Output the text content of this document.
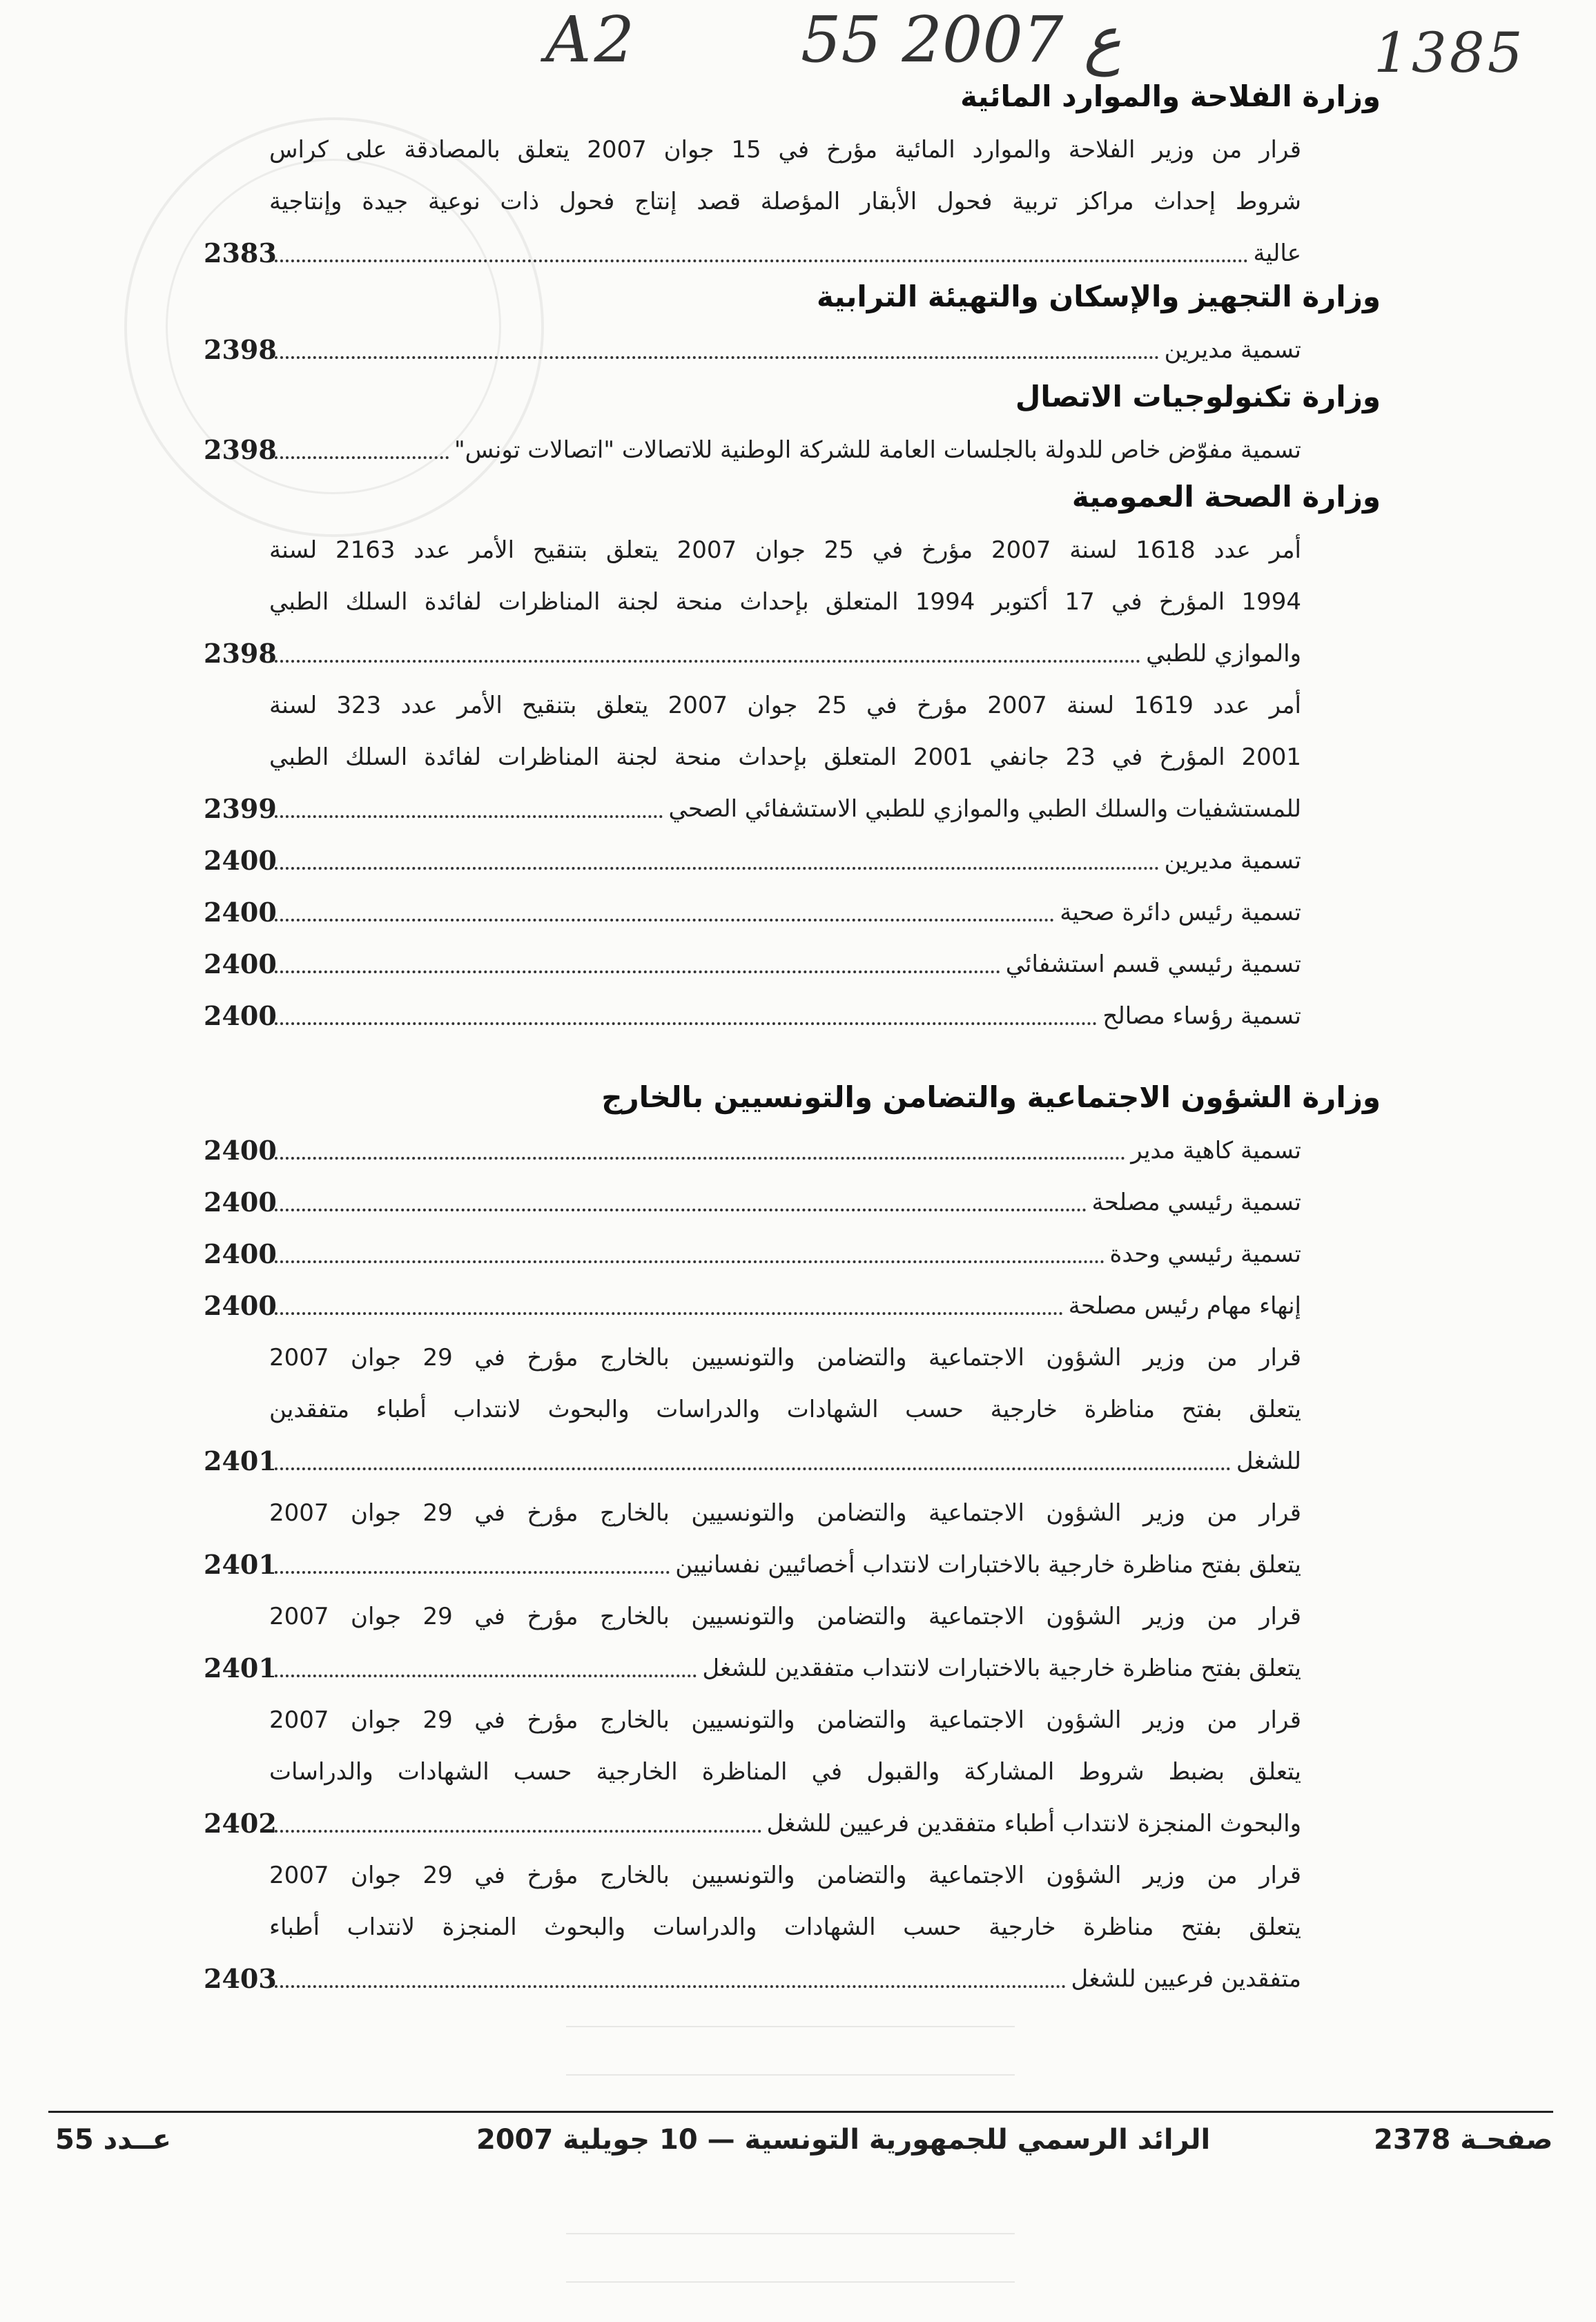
A2	55 ع 2007	1385
وزارة الفلاحة والموارد المائية
قرار من وزير الفلاحة والموارد المائية مؤرخ في 15 جوان 2007 يتعلق بالمصادقة على كراس
شروط إحداث مراكز تربية فحول الأبقار المؤصلة قصد إنتاج فحول ذات نوعية جيدة وإنتاجية
عالية
2383
وزارة التجهيز والإسكان والتهيئة الترابية
تسمية مديرين
2398
وزارة تكنولوجيات الاتصال
تسمية مفوّض خاص للدولة بالجلسات العامة للشركة الوطنية للاتصالات "اتصالات تونس"
2398
وزارة الصحة العمومية
أمر عدد 1618 لسنة 2007 مؤرخ في 25 جوان 2007 يتعلق بتنقيح الأمر عدد 2163 لسنة
1994 المؤرخ في 17 أكتوبر 1994 المتعلق بإحداث منحة لجنة المناظرات لفائدة السلك الطبي
والموازي للطبي
2398
أمر عدد 1619 لسنة 2007 مؤرخ في 25 جوان 2007 يتعلق بتنقيح الأمر عدد 323 لسنة
2001 المؤرخ في 23 جانفي 2001 المتعلق بإحداث منحة لجنة المناظرات لفائدة السلك الطبي
للمستشفيات والسلك الطبي والموازي للطبي الاستشفائي الصحي
2399
تسمية مديرين
2400
تسمية رئيس دائرة صحية
2400
تسمية رئيسي قسم استشفائي
2400
تسمية رؤساء مصالح
2400
وزارة الشؤون الاجتماعية والتضامن والتونسيين بالخارج
تسمية كاهية مدير
2400
تسمية رئيسي مصلحة
2400
تسمية رئيسي وحدة
2400
إنهاء مهام رئيس مصلحة
2400
قرار من وزير الشؤون الاجتماعية والتضامن والتونسيين بالخارج مؤرخ في 29 جوان 2007
يتعلق بفتح مناظرة خارجية حسب الشهادات والدراسات والبحوث لانتداب أطباء متفقدين
للشغل
2401
قرار من وزير الشؤون الاجتماعية والتضامن والتونسيين بالخارج مؤرخ في 29 جوان 2007
يتعلق بفتح مناظرة خارجية بالاختبارات لانتداب أخصائيين نفسانيين
2401
قرار من وزير الشؤون الاجتماعية والتضامن والتونسيين بالخارج مؤرخ في 29 جوان 2007
يتعلق بفتح مناظرة خارجية بالاختبارات لانتداب متفقدين للشغل
2401
قرار من وزير الشؤون الاجتماعية والتضامن والتونسيين بالخارج مؤرخ في 29 جوان 2007
يتعلق بضبط شروط المشاركة والقبول في المناظرة الخارجية حسب الشهادات والدراسات
والبحوث المنجزة لانتداب أطباء متفقدين فرعيين للشغل
2402
قرار من وزير الشؤون الاجتماعية والتضامن والتونسيين بالخارج مؤرخ في 29 جوان 2007
يتعلق بفتح مناظرة خارجية حسب الشهادات والدراسات والبحوث المنجزة لانتداب أطباء
متفقدين فرعيين للشغل
2403
صفحـة 2378
الرائد الرسمي للجمهورية التونسية — 10 جويلية 2007
عــدد 55
